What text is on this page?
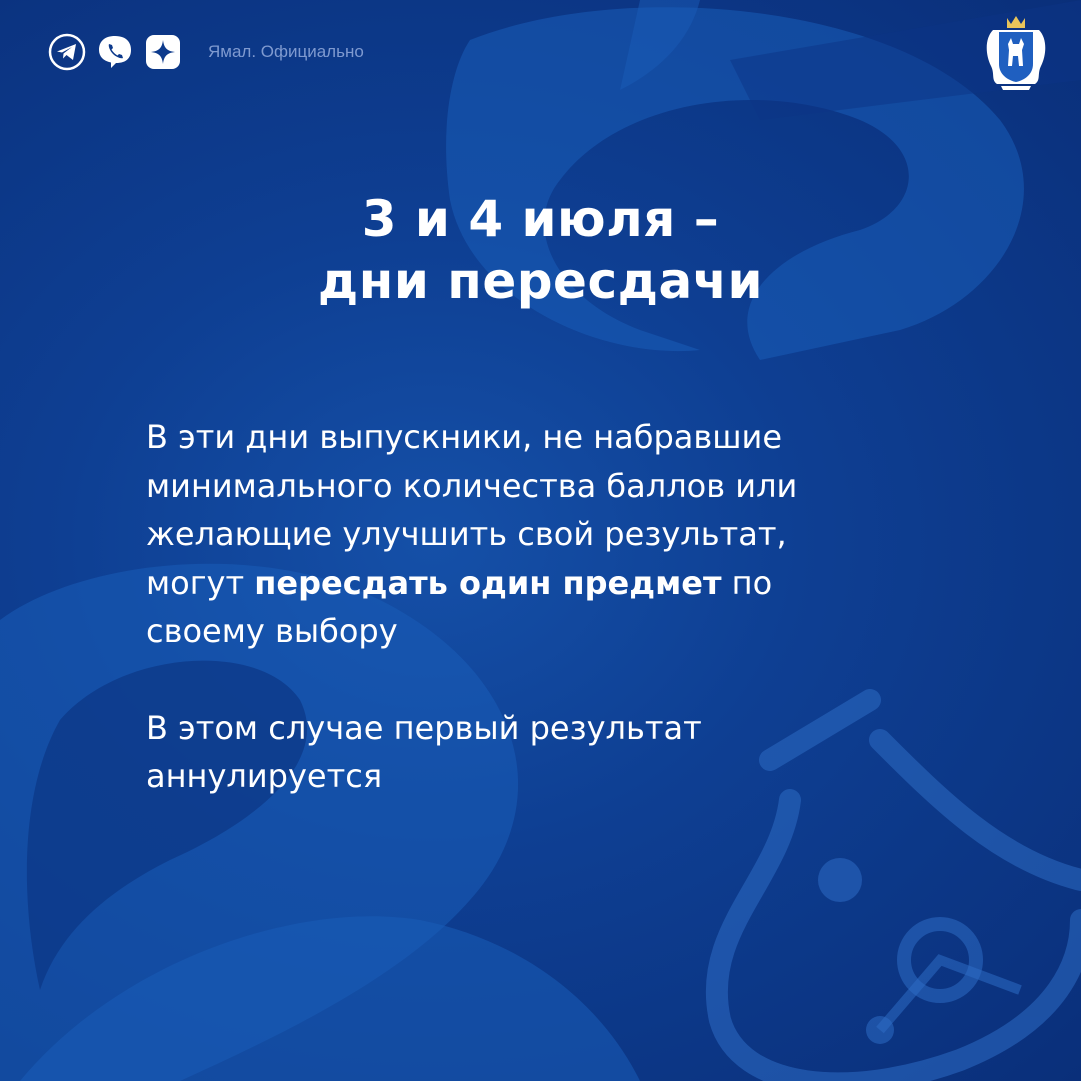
Ямал. Официально
3 и 4 июля –
дни пересдачи

В эти дни выпускники, не набравшие
минимального количества баллов или
желающие улучшить свой результат,
могут пересдать один предмет по
своему выбору

В этом случае первый результат
аннулируется
